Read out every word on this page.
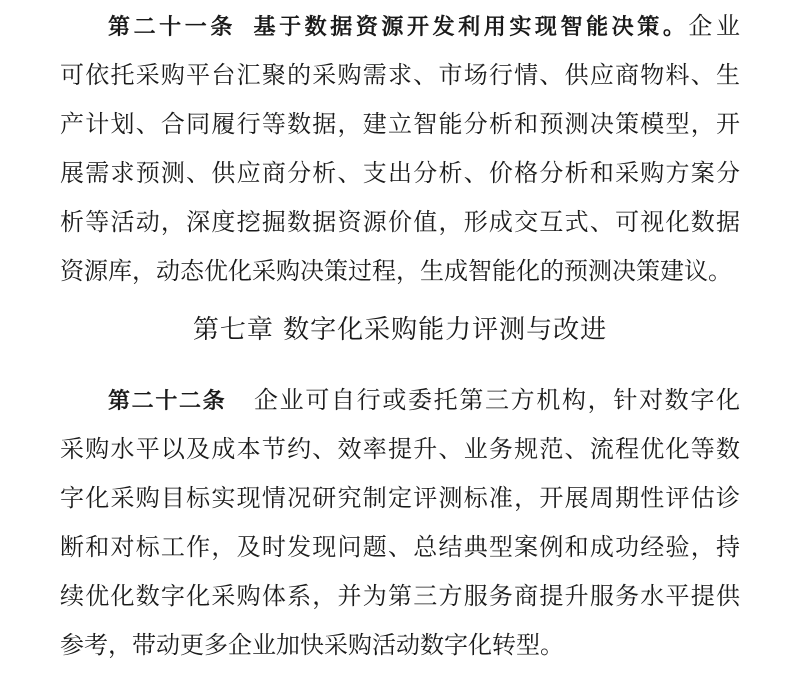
第二十一条 基于数据资源开发利用实现智能决策。企业
可依托采购平台汇聚的采购需求、市场行情、供应商物料、生
产计划、合同履行等数据，建立智能分析和预测决策模型，开
展需求预测、供应商分析、支出分析、价格分析和采购方案分
析等活动，深度挖掘数据资源价值，形成交互式、可视化数据
资源库，动态优化采购决策过程，生成智能化的预测决策建议。
第七章 数字化采购能力评测与改进
第二十二条 企业可自行或委托第三方机构，针对数字化
采购水平以及成本节约、效率提升、业务规范、流程优化等数
字化采购目标实现情况研究制定评测标准，开展周期性评估诊
断和对标工作，及时发现问题、总结典型案例和成功经验，持
续优化数字化采购体系，并为第三方服务商提升服务水平提供
参考，带动更多企业加快采购活动数字化转型。
